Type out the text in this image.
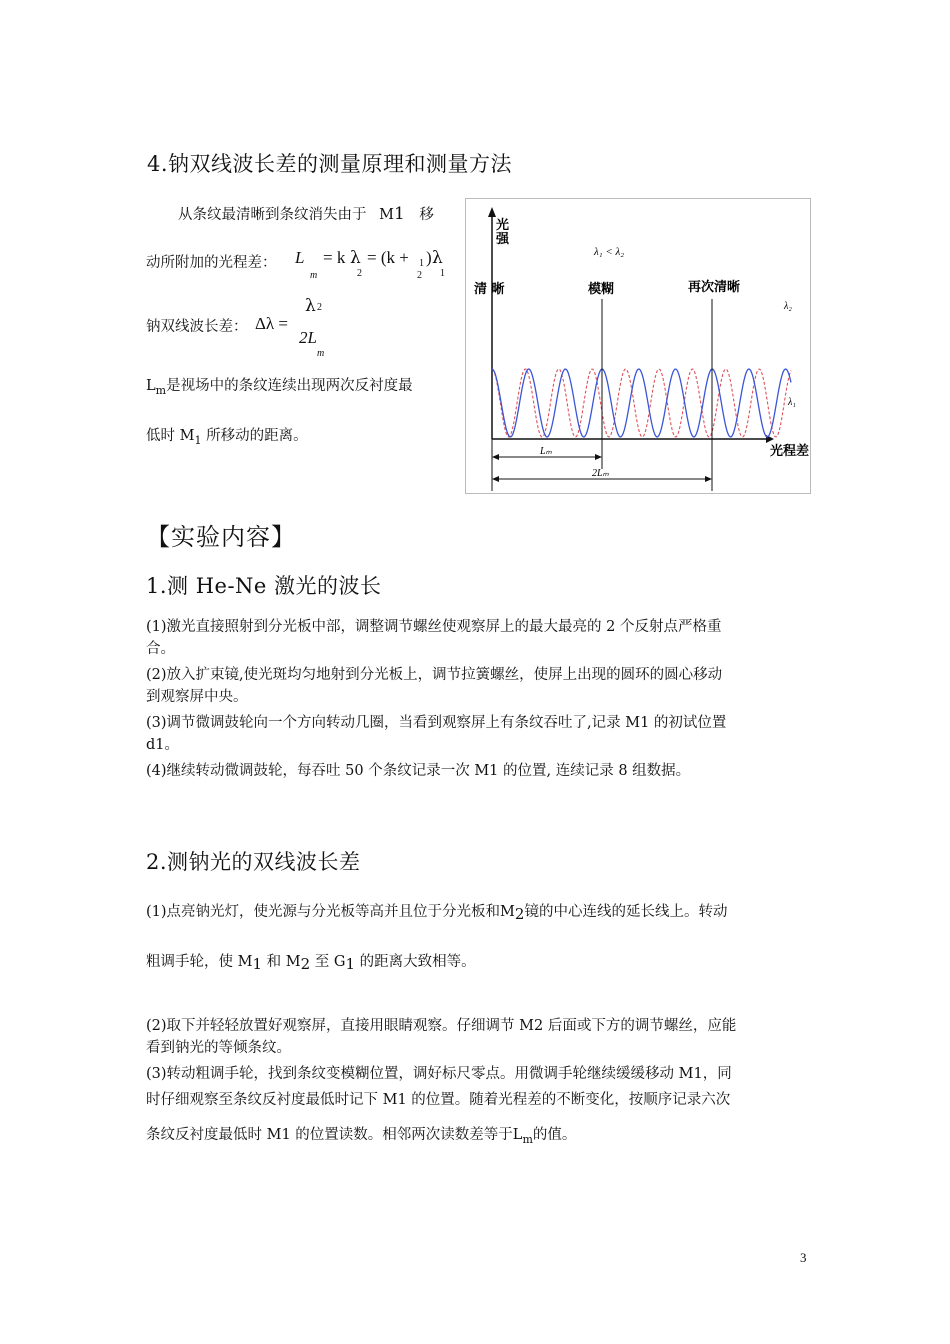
4.钠双线波长差的测量原理和测量方法
从条纹最清晰到条纹消失由于 M1 移
动所附加的光程差： L
m
= k λ
2
= (k + 1
2
) λ
1
钠双线波长差： Δλ =
λ 2
2L
m
$L_m$是视场中的条纹连续出现两次反衬度最
低时 $M_1$ 所移动的距离。
光
强
λ₁ < λ₂
清 晰	模糊	再次清晰
λ₂
λ₁
光程差
Lₘ
2Lₘ
【实验内容】
1.测 He-Ne 激光的波长
(1)激光直接照射到分光板中部，调整调节螺丝使观察屏上的最大最亮的 2 个反射点严格重
合。
(2)放入扩束镜,使光斑均匀地射到分光板上，调节拉簧螺丝，使屏上出现的圆环的圆心移动
到观察屏中央。
(3)调节微调鼓轮向一个方向转动几圈，当看到观察屏上有条纹吞吐了,记录 M1 的初试位置
d1。
(4)继续转动微调鼓轮，每吞吐 50 个条纹记录一次 M1 的位置, 连续记录 8 组数据。
2.测钠光的双线波长差
(1)点亮钠光灯，使光源与分光板等高并且位于分光板和M2镜的中心连线的延长线上。转动
粗调手轮，使 M1 和 M2 至 G1 的距离大致相等。
(2)取下并轻轻放置好观察屏，直接用眼睛观察。仔细调节 M2 后面或下方的调节螺丝，应能
看到钠光的等倾条纹。
(3)转动粗调手轮，找到条纹变模糊位置，调好标尺零点。用微调手轮继续缓缓移动 M1，同
时仔细观察至条纹反衬度最低时记下 M1 的位置。随着光程差的不断变化，按顺序记录六次
条纹反衬度最低时 M1 的位置读数。相邻两次读数差等于$L_m$的值。
3
